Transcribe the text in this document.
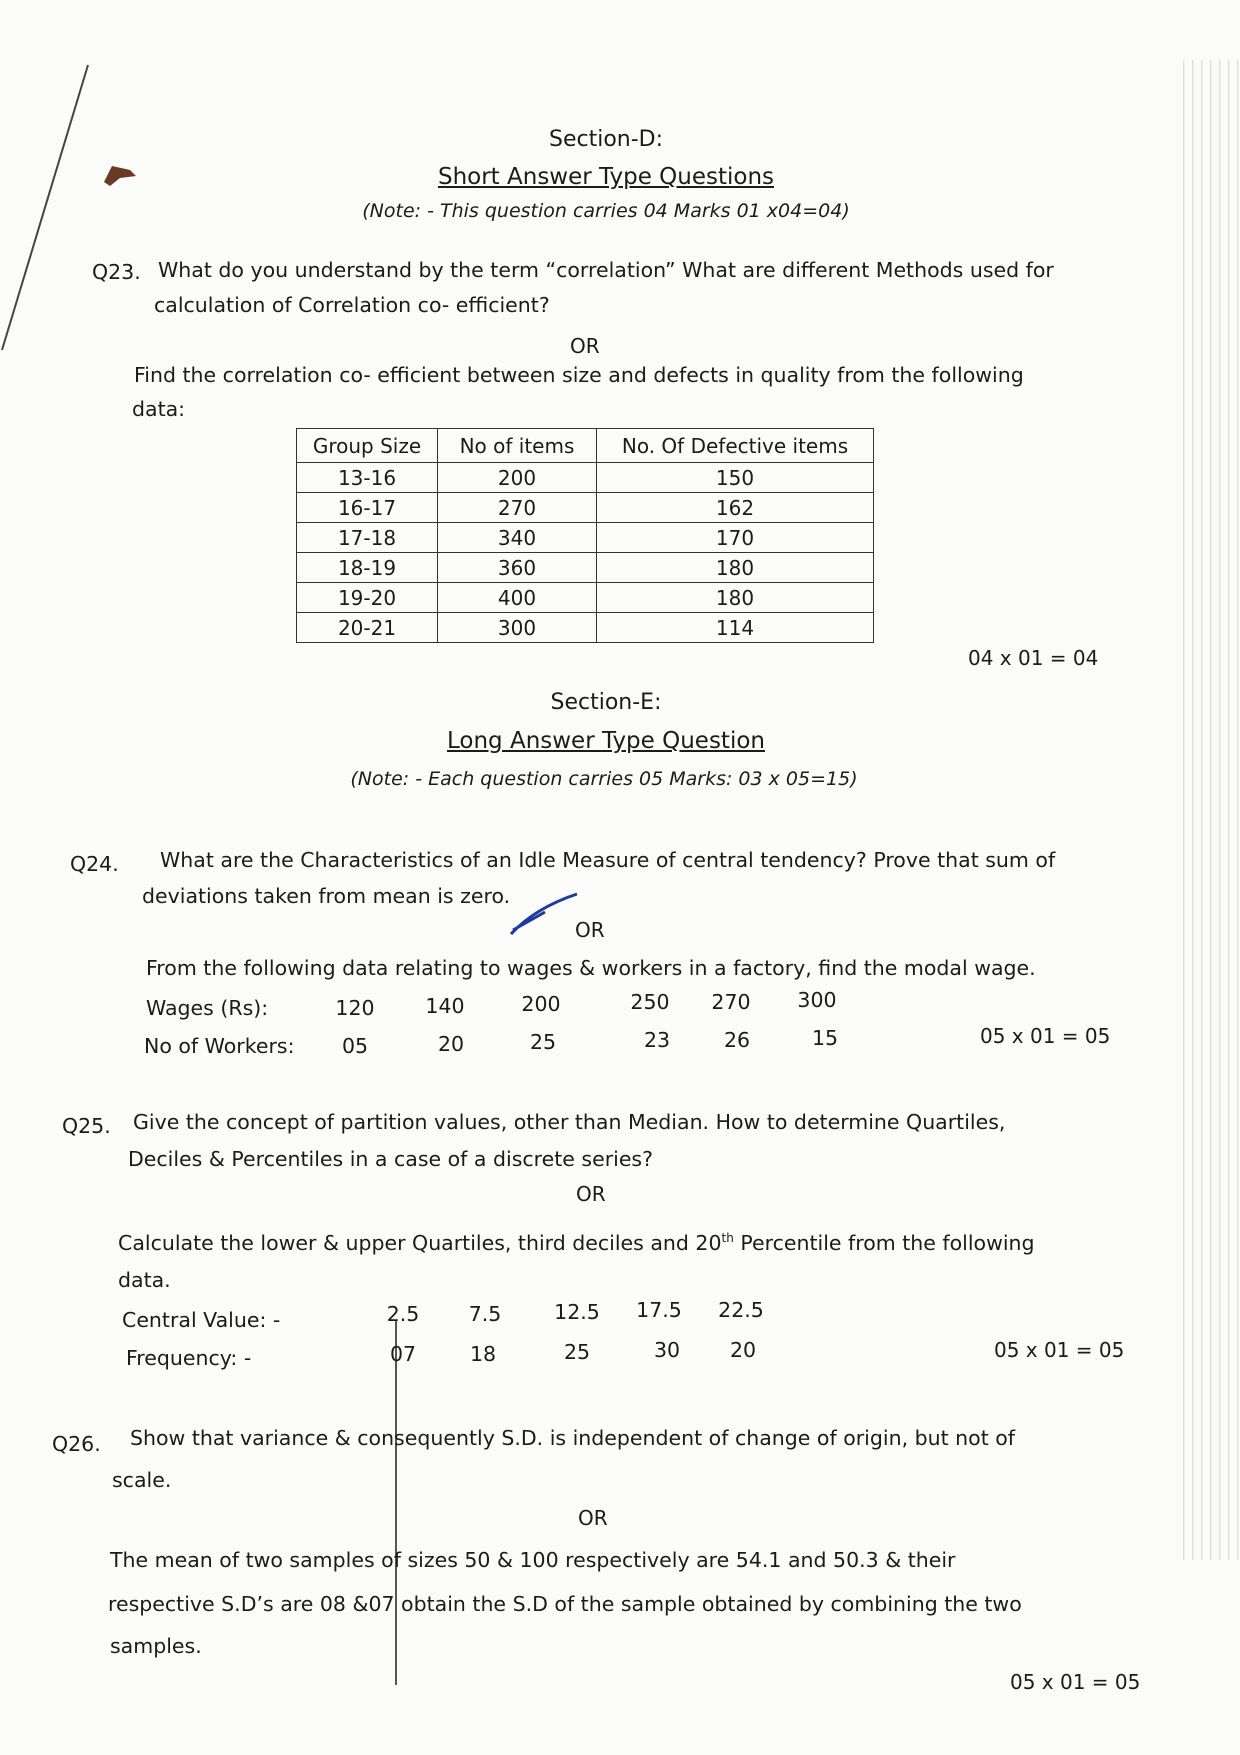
Section-D:
Short Answer Type Questions
(Note: - This question carries 04 Marks 01 x04=04)
Q23. What do you understand by the term “correlation” What are different Methods used for
calculation of Correlation co- efficient?
OR
Find the correlation co- efficient between size and defects in quality from the following
data:
Group Size	No of items	No. Of Defective items
13-16	200	150
16-17	270	162
17-18	340	170
18-19	360	180
19-20	400	180
20-21	300	114
04 x 01 = 04
Section-E:
Long Answer Type Question
(Note: - Each question carries 05 Marks: 03 x 05=15)
Q24. What are the Characteristics of an Idle Measure of central tendency? Prove that sum of
deviations taken from mean is zero.
OR
From the following data relating to wages & workers in a factory, find the modal wage.
Wages (Rs):	120	140	200	250	270	300
No of Workers:	05	20	25	23	26	15	05 x 01 = 05
Q25. Give the concept of partition values, other than Median. How to determine Quartiles,
Deciles & Percentiles in a case of a discrete series?
OR
Calculate the lower & upper Quartiles, third deciles and 20th Percentile from the following
data.
Central Value: -	2.5	7.5	12.5	17.5	22.5
Frequency: -	07	18	25	30	20	05 x 01 = 05
Q26. Show that variance & consequently S.D. is independent of change of origin, but not of
scale.
OR
The mean of two samples of sizes 50 & 100 respectively are 54.1 and 50.3 & their
respective S.D’s are 08 &07 obtain the S.D of the sample obtained by combining the two
samples.
05 x 01 = 05
